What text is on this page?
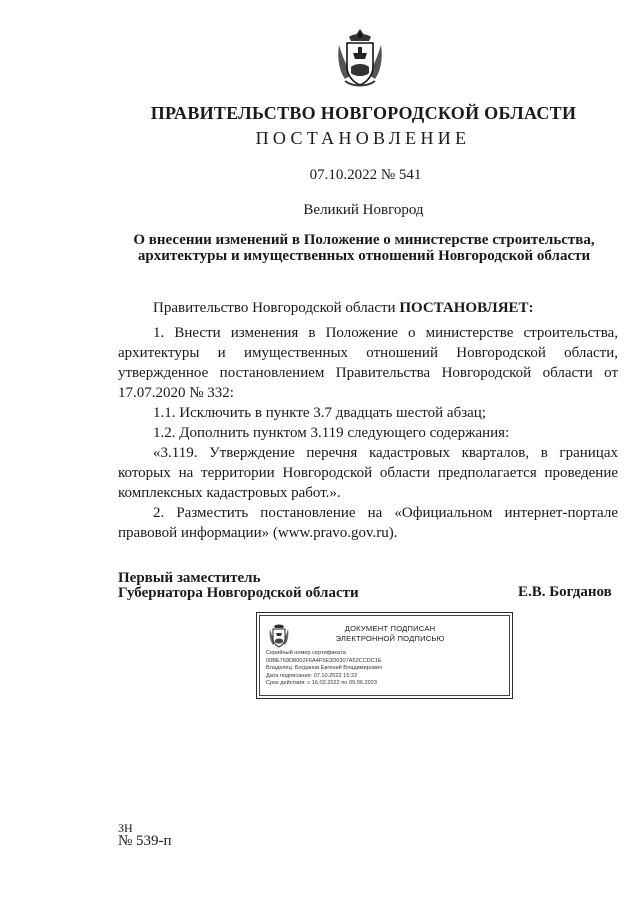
ПРАВИТЕЛЬСТВО НОВГОРОДСКОЙ ОБЛАСТИ
ПОСТАНОВЛЕНИЕ
07.10.2022 № 541
Великий Новгород
О внесении изменений в Положение о министерстве строительства, архитектуры и имущественных отношений Новгородской области

Правительство Новгородской области ПОСТАНОВЛЯЕТ:

1. Внести изменения в Положение о министерстве строительства, архитектуры и имущественных отношений Новгородской области, утвержденное постановлением Правительства Новгородской области от 17.07.2020 № 332:

1.1. Исключить в пункте 3.7 двадцать шестой абзац;

1.2. Дополнить пунктом 3.119 следующего содержания:

«3.119. Утверждение перечня кадастровых кварталов, в границах которых на территории Новгородской области предполагается проведение комплексных кадастровых работ.».

2. Разместить постановление на «Официальном интернет-портале правовой информации» (www.pravo.gov.ru).

Первый заместитель
Губернатора Новгородской области	Е.В. Богданов
ДОКУМЕНТ ПОДПИСАН
ЭЛЕКТРОННОЙ ПОДПИСЬЮ
Серийный номер сертификата:
00BE769D8002F6A4F5E3D6307A52CCDC1E
Владелец: Богданов Евгений Владимирович
Дата подписания: 07.10.2022 15:22
Срок действия: с 16.03.2022 по 09.06.2023
3Н
№ 539-п
